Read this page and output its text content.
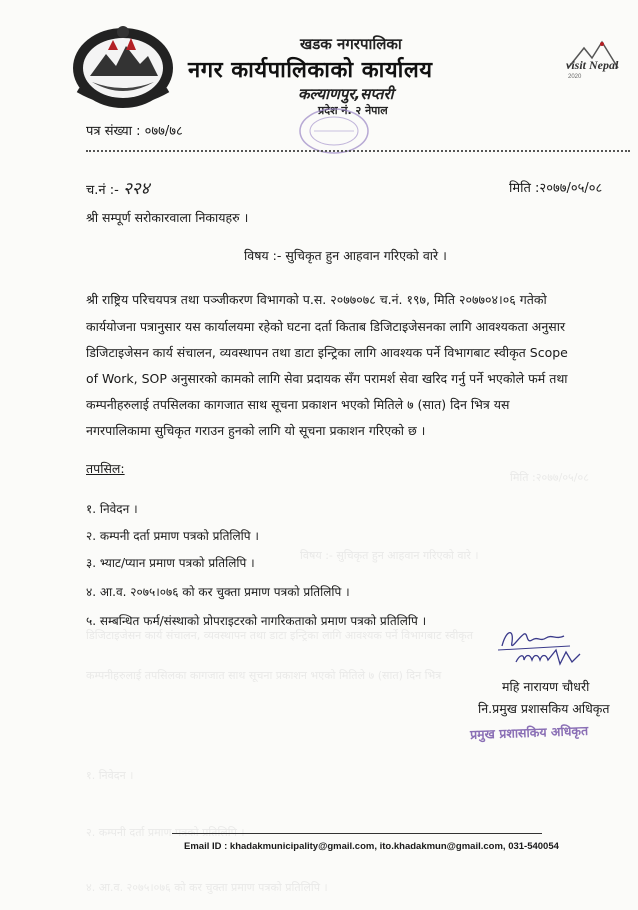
मिति :२०७७/०५/०८
विषय :- सुचिकृत हुन आहवान गरिएको वारे ।
डिजिटाइजेसन कार्य संचालन, व्यवस्थापन तथा डाटा इन्ट्रिका लागि आवश्यक पर्ने विभागबाट स्वीकृत
कम्पनीहरुलाई तपसिलका कागजात साथ सूचना प्रकाशन भएको मितिले ७ (सात) दिन भित्र
१. निवेदन ।
२. कम्पनी दर्ता प्रमाण पत्रको प्रतिलिपि ।
४. आ.व. २०७५।०७६ को कर चुक्ता प्रमाण पत्रको प्रतिलिपि ।
खडक नगरपालिका
नगर कार्यपालिकाको कार्यालय
कल्याणपुर,सप्तरी
प्रदेश नं. २ नेपाल
visit Nepal
2020
पत्र संख्या : ०७७/७८
च.नं :- २२४	मिति :२०७७/०५/०८
श्री सम्पूर्ण सरोकारवाला निकायहरु ।
विषय :- सुचिकृत हुन आहवान गरिएको वारे ।
श्री राष्ट्रिय परिचयपत्र तथा पञ्जीकरण विभागको प.स. २०७७०७८ च.नं. १९७, मिति २०७७०४।०६ गतेको
कार्ययोजना पत्रानुसार यस कार्यालयमा रहेको घटना दर्ता किताब डिजिटाइजेसनका लागि आवश्यकता अनुसार
डिजिटाइजेसन कार्य संचालन, व्यवस्थापन तथा डाटा इन्ट्रिका लागि आवश्यक पर्ने विभागबाट स्वीकृत Scope
of Work, SOP अनुसारको कामको लागि सेवा प्रदायक सँग परामर्श सेवा खरिद गर्नु पर्ने भएकोले फर्म तथा
कम्पनीहरुलाई तपसिलका कागजात साथ सूचना प्रकाशन भएको मितिले ७ (सात) दिन भित्र यस
नगरपालिकामा सुचिकृत गराउन हुनको लागि यो सूचना प्रकाशन गरिएको छ ।
तपसिल:
१. निवेदन ।
२. कम्पनी दर्ता प्रमाण पत्रको प्रतिलिपि ।
३. भ्याट/प्यान प्रमाण पत्रको प्रतिलिपि ।
४. आ.व. २०७५।०७६ को कर चुक्ता प्रमाण पत्रको प्रतिलिपि ।
५. सम्बन्धित फर्म/संस्थाको प्रोपराइटरको नागरिकताको प्रमाण पत्रको प्रतिलिपि ।
महि नारायण चौधरी
नि.प्रमुख प्रशासकिय अधिकृत
प्रमुख प्रशासकिय अधिकृत
Email ID : khadakmunicipality@gmail.com, ito.khadakmun@gmail.com, 031-540054
